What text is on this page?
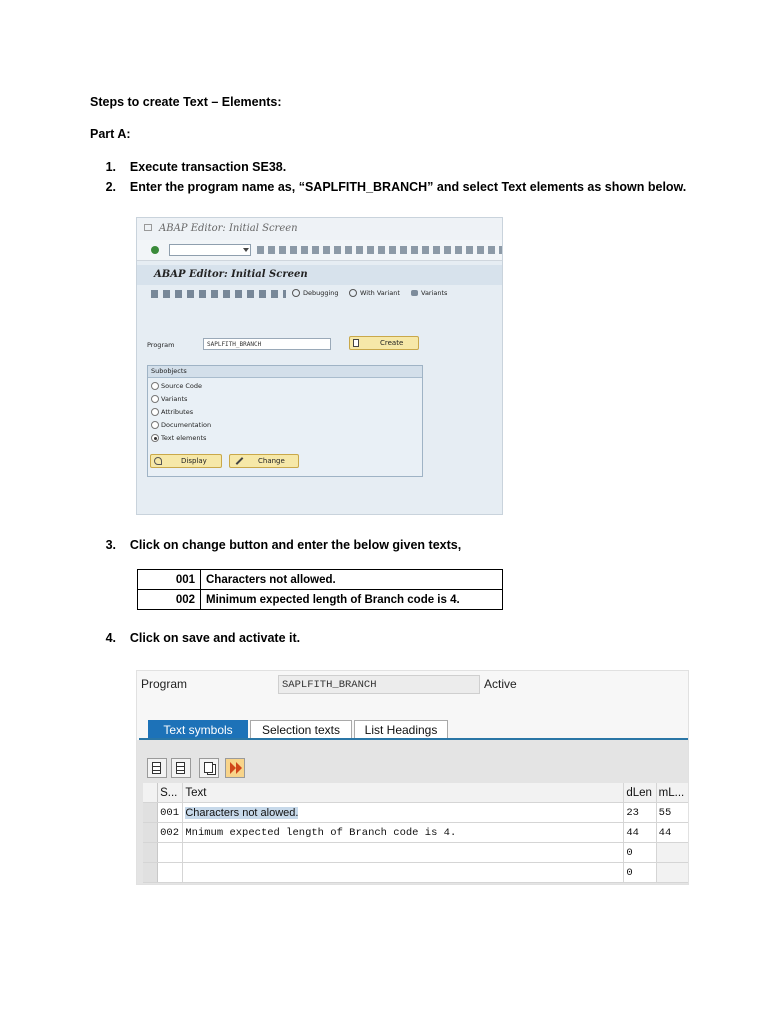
Steps to create Text – Elements:
Part A:
1. Execute transaction SE38.
2. Enter the program name as, “SAPLFITH_BRANCH” and select Text elements as shown below.
ABAP Editor: Initial Screen
ABAP Editor: Initial Screen
Debugging	With Variant	Variants
Program	SAPLFITH_BRANCH	Create
Subobjects
Source Code
Variants
Attributes
Documentation
Text elements
Display	Change
3. Click on change button and enter the below given texts,
001	Characters not allowed.
002	Minimum expected length of Branch code is 4.
4. Click on save and activate it.
Program	SAPLFITH_BRANCH	Active
Text symbols	Selection texts	List Headings
	S...	Text	dLen	mL...
	001	Characters not alowed.	23	55
	002	Mnimum expected length of Branch code is 4.	44	44
			0	
			0	
